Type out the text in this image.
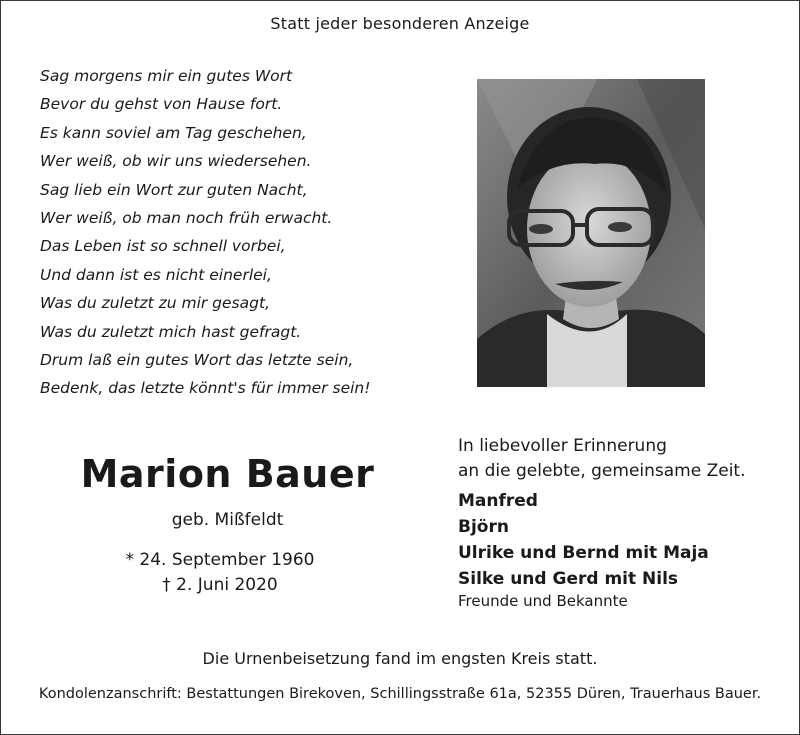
Statt jeder besonderen Anzeige
Sag morgens mir ein gutes Wort
Bevor du gehst von Hause fort.
Es kann soviel am Tag geschehen,
Wer weiß, ob wir uns wiedersehen.
Sag lieb ein Wort zur guten Nacht,
Wer weiß, ob man noch früh erwacht.
Das Leben ist so schnell vorbei,
Und dann ist es nicht einerlei,
Was du zuletzt zu mir gesagt,
Was du zuletzt mich hast gefragt.
Drum laß ein gutes Wort das letzte sein,
Bedenk, das letzte könnt's für immer sein!
Marion Bauer
geb. Mißfeldt
* 24. September 1960
† 2. Juni 2020
In liebevoller Erinnerung
an die gelebte, gemeinsame Zeit.
Manfred
Björn
Ulrike und Bernd mit Maja
Silke und Gerd mit Nils
Freunde und Bekannte
Die Urnenbeisetzung fand im engsten Kreis statt.
Kondolenzanschrift: Bestattungen Birekoven, Schillingsstraße 61a, 52355 Düren, Trauerhaus Bauer.
